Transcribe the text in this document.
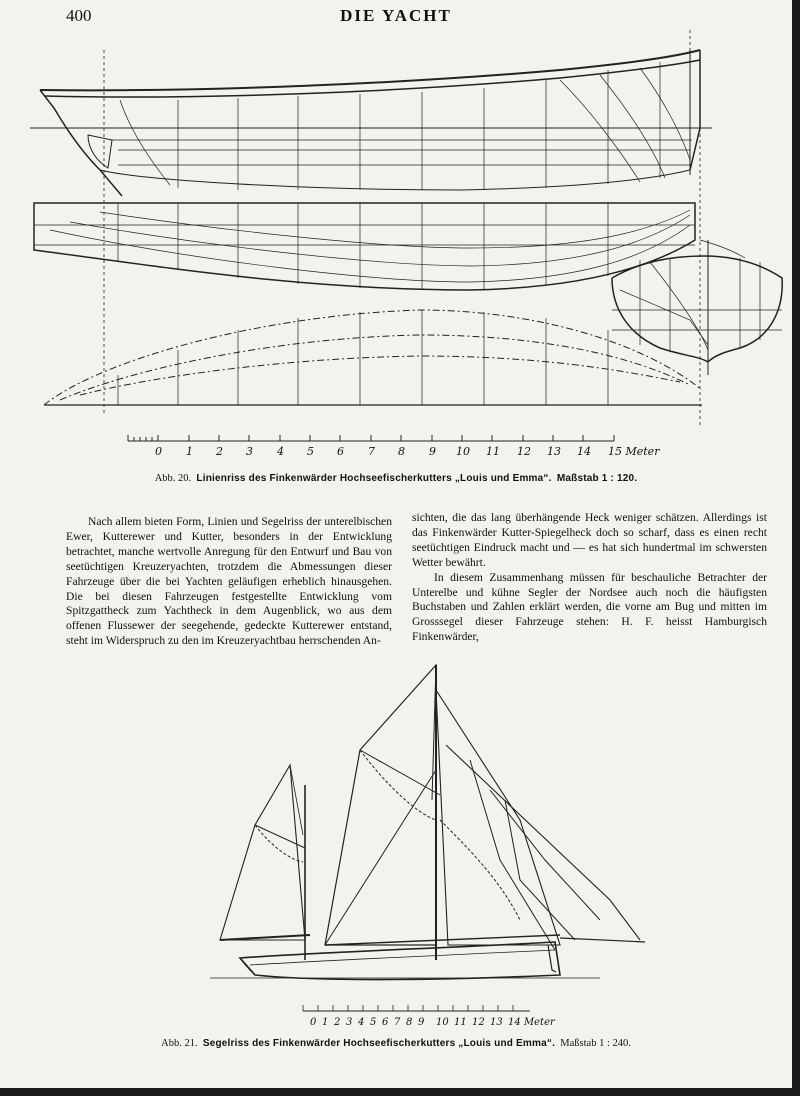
400	DIE YACHT
0 1 2 3 4 5 6 7 8 9 10 11 12 13 14 15 Meter
Abb. 20. Linienriss des Finkenwärder Hochseefischerkutters „Louis und Emma“. Maßstab 1 : 120.

Nach allem bieten Form, Linien und Segelriss der unterelbischen Ewer, Kutterewer und Kutter, besonders in der Entwicklung betrachtet, manche wertvolle Anregung für den Entwurf und Bau von seetüchtigen Kreuzeryachten, trotzdem die Abmessungen dieser Fahrzeuge über die bei Yachten geläufigen erheblich hinausgehen. Die bei diesen Fahrzeugen festgestellte Entwicklung vom Spitzgattheck zum Yachtheck in dem Augenblick, wo aus dem offenen Flussewer der seegehende, gedeckte Kutterewer entstand, steht im Widerspruch zu den im Kreuzeryachtbau herrschenden An-

sichten, die das lang überhängende Heck weniger schätzen. Allerdings ist das Finkenwärder Kutter-Spiegelheck doch so scharf, dass es einen recht seetüchtigen Eindruck macht und — es hat sich hundertmal im schwersten Wetter bewährt.

In diesem Zusammenhang müssen für beschauliche Betrachter der Unterelbe und kühne Segler der Nordsee auch noch die häufigsten Buchstaben und Zahlen erklärt werden, die vorne am Bug und mitten im Grosssegel dieser Fahrzeuge stehen: H. F. heisst Hamburgisch Finkenwärder,

0 1 2 3 4 5 6 7 8 9 10 11 12 13 14 Meter
Abb. 21. Segelriss des Finkenwärder Hochseefischerkutters „Louis und Emma“. Maßstab 1 : 240.
